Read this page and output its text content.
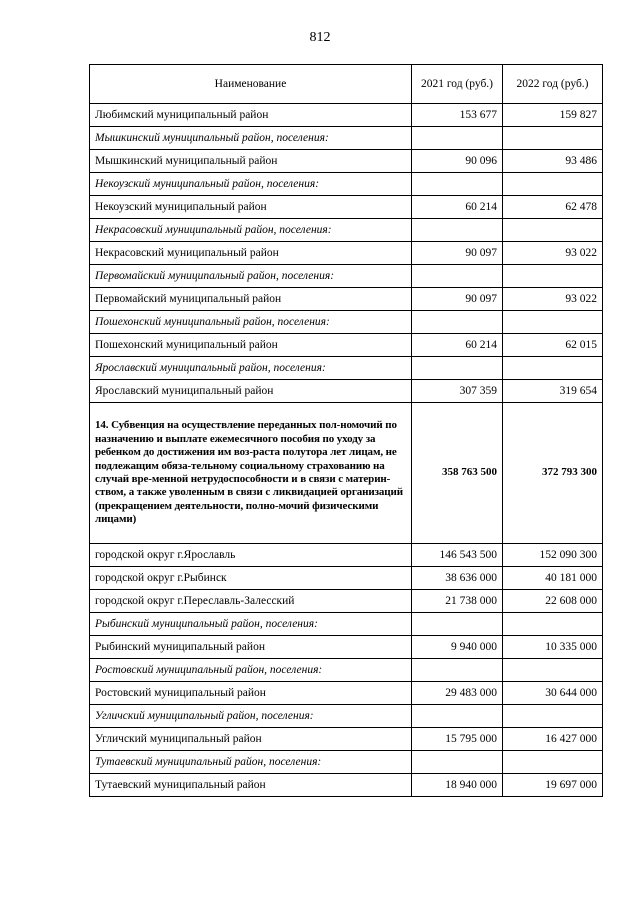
812
Наименование	2021 год (руб.)	2022 год (руб.)
Любимский муниципальный район	153 677	159 827
Мышкинский муниципальный район, поселения:		
Мышкинский муниципальный район	90 096	93 486
Некоузский муниципальный район, поселения:		
Некоузский муниципальный район	60 214	62 478
Некрасовский муниципальный район, поселения:		
Некрасовский муниципальный район	90 097	93 022
Первомайский муниципальный район, поселения:		
Первомайский муниципальный район	90 097	93 022
Пошехонский муниципальный район, поселения:		
Пошехонский муниципальный район	60 214	62 015
Ярославский муниципальный район, поселения:		
Ярославский муниципальный район	307 359	319 654
14. Субвенция на осуществление переданных пол-номочий по назначению и выплате ежемесячного пособия по уходу за ребенком до достижения им воз-раста полутора лет лицам, не подлежащим обяза-тельному социальному страхованию на случай вре-менной нетрудоспособности и в связи с материн-ством, а также уволенным в связи с ликвидацией организаций (прекращением деятельности, полно-мочий физическими лицами)	358 763 500	372 793 300
городской округ г.Ярославль	146 543 500	152 090 300
городской округ г.Рыбинск	38 636 000	40 181 000
городской округ г.Переславль-Залесский	21 738 000	22 608 000
Рыбинский муниципальный район, поселения:		
Рыбинский муниципальный район	9 940 000	10 335 000
Ростовский муниципальный район, поселения:		
Ростовский муниципальный район	29 483 000	30 644 000
Угличский муниципальный район, поселения:		
Угличский муниципальный район	15 795 000	16 427 000
Тутаевский муниципальный район, поселения:		
Тутаевский муниципальный район	18 940 000	19 697 000
